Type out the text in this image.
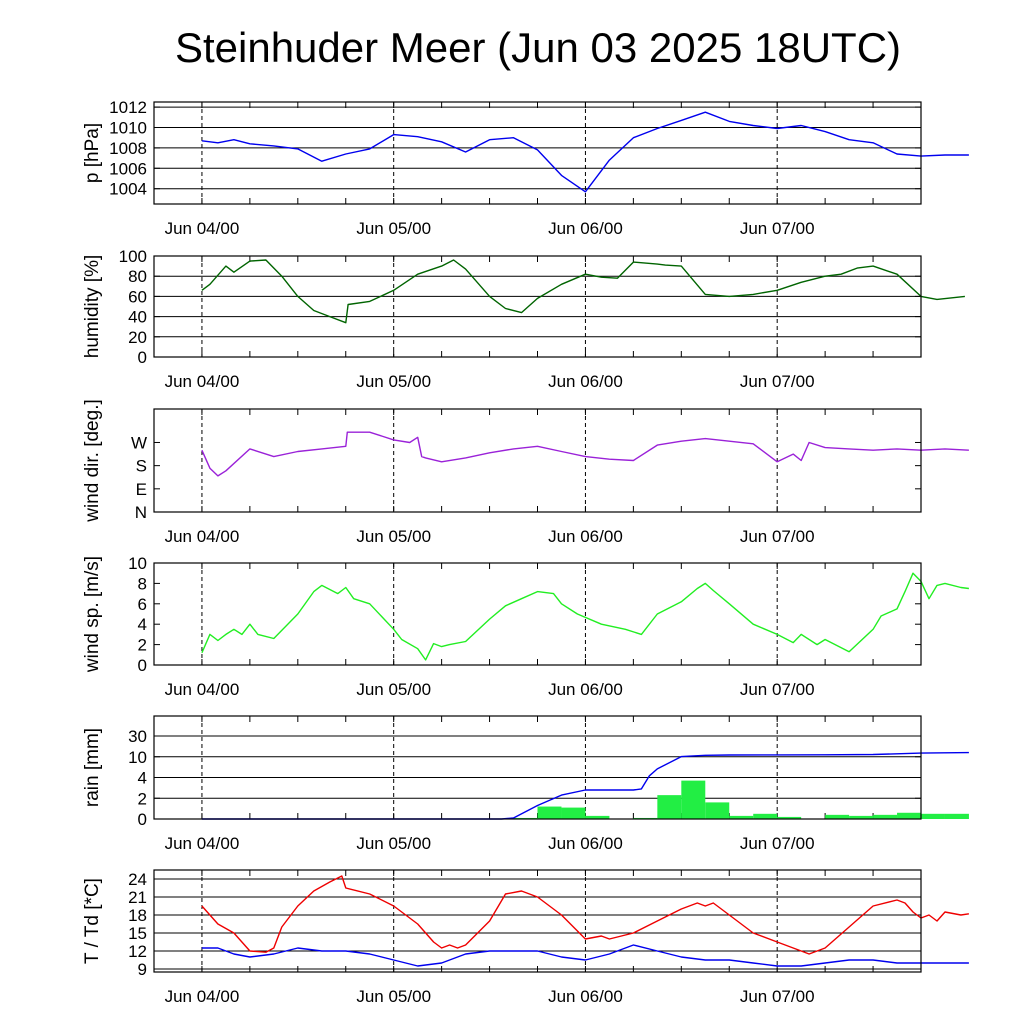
Steinhuder Meer (Jun 03 2025 18UTC)
1004
1006
1008
1010
1012
Jun 04/00	Jun 05/00	Jun 06/00	Jun 07/00
p [hPa]
0
20
40
60
80
100
Jun 04/00	Jun 05/00	Jun 06/00	Jun 07/00
humidity [%]
N
E
S
W
Jun 04/00	Jun 05/00	Jun 06/00	Jun 07/00
wind dir. [deg.]
0
2
4
6
8
10
Jun 04/00	Jun 05/00	Jun 06/00	Jun 07/00
wind sp. [m/s]
0
2
4
10
30
Jun 04/00	Jun 05/00	Jun 06/00	Jun 07/00
rain [mm]
9
12
15
18
21
24
Jun 04/00	Jun 05/00	Jun 06/00	Jun 07/00
T / Td [*C]
